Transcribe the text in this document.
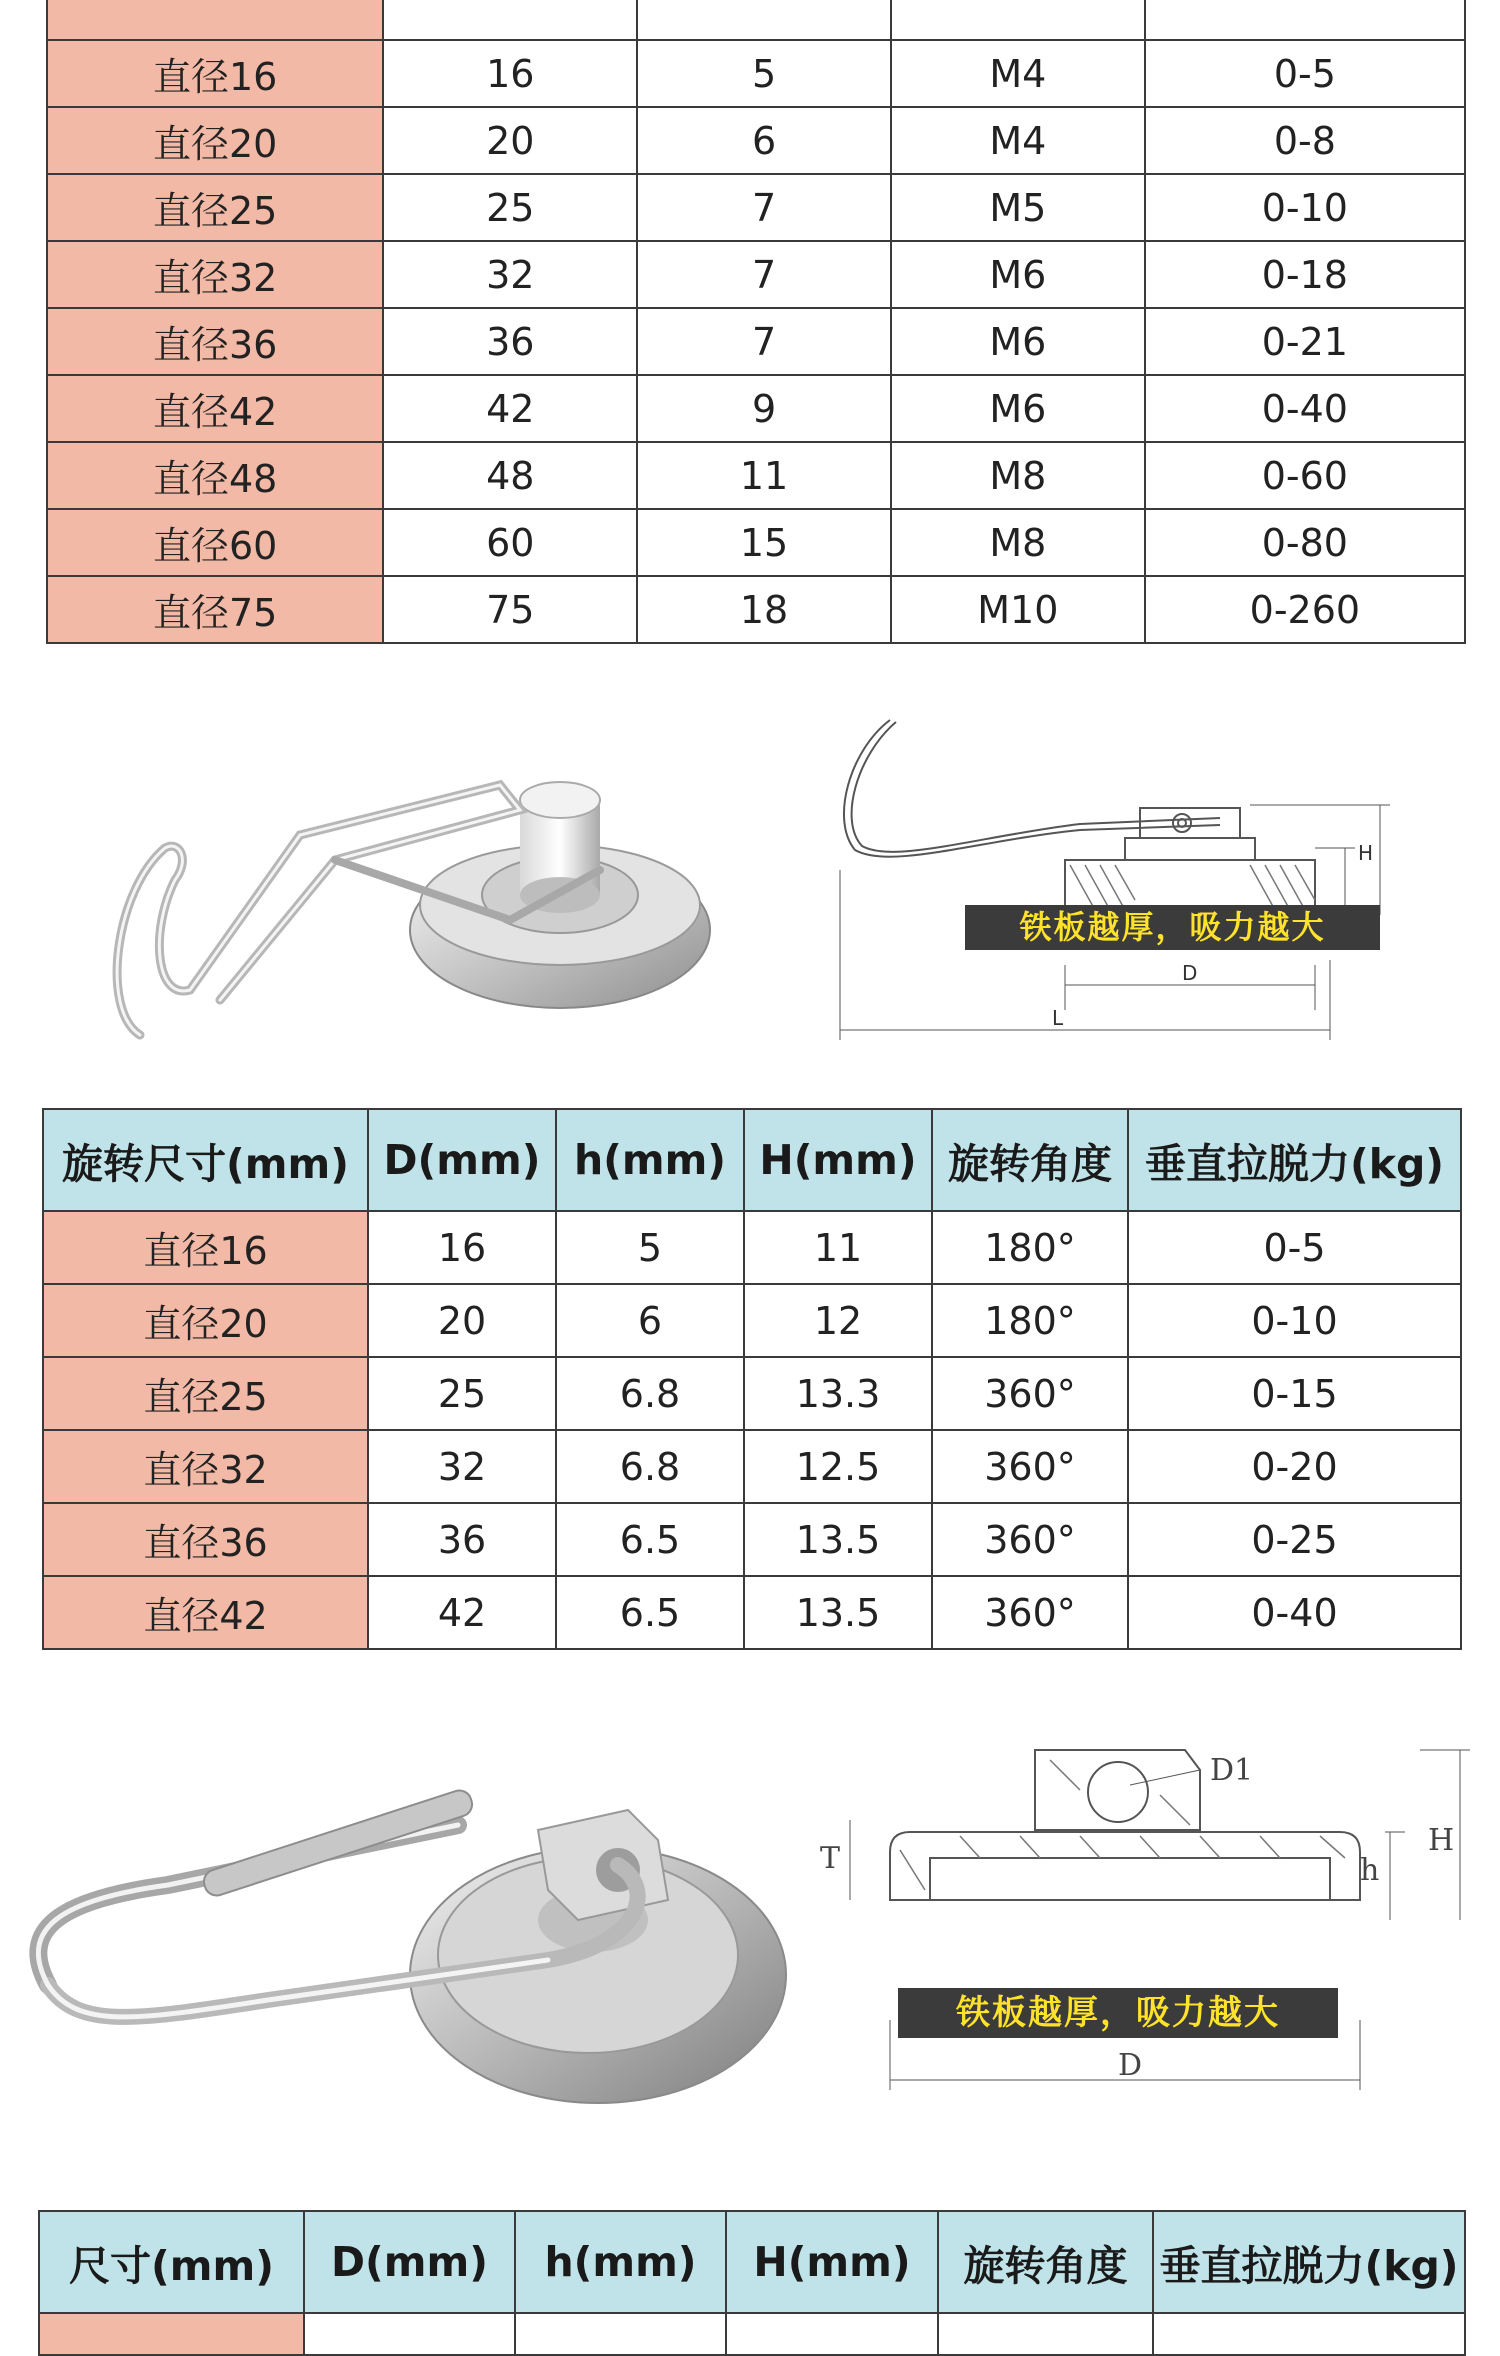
直径16	16	5	M4	0-5
直径20	20	6	M4	0-8
直径25	25	7	M5	0-10
直径32	32	7	M6	0-18
直径36	36	7	M6	0-21
直径42	42	9	M6	0-40
直径48	48	11	M8	0-60
直径60	60	15	M8	0-80
直径75	75	18	M10	0-260
H
D
L
铁板越厚，吸力越大
旋转尺寸(mm)	D(mm)	h(mm)	H(mm)	旋转角度	垂直拉脱力(kg)
直径16	16	5	11	180°	0-5
直径20	20	6	12	180°	0-10
直径25	25	6.8	13.3	360°	0-15
直径32	32	6.8	12.5	360°	0-20
直径36	36	6.5	13.5	360°	0-25
直径42	42	6.5	13.5	360°	0-40
D1
H
h
T
D
铁板越厚，吸力越大
尺寸(mm)	D(mm)	h(mm)	H(mm)	旋转角度	垂直拉脱力(kg)
